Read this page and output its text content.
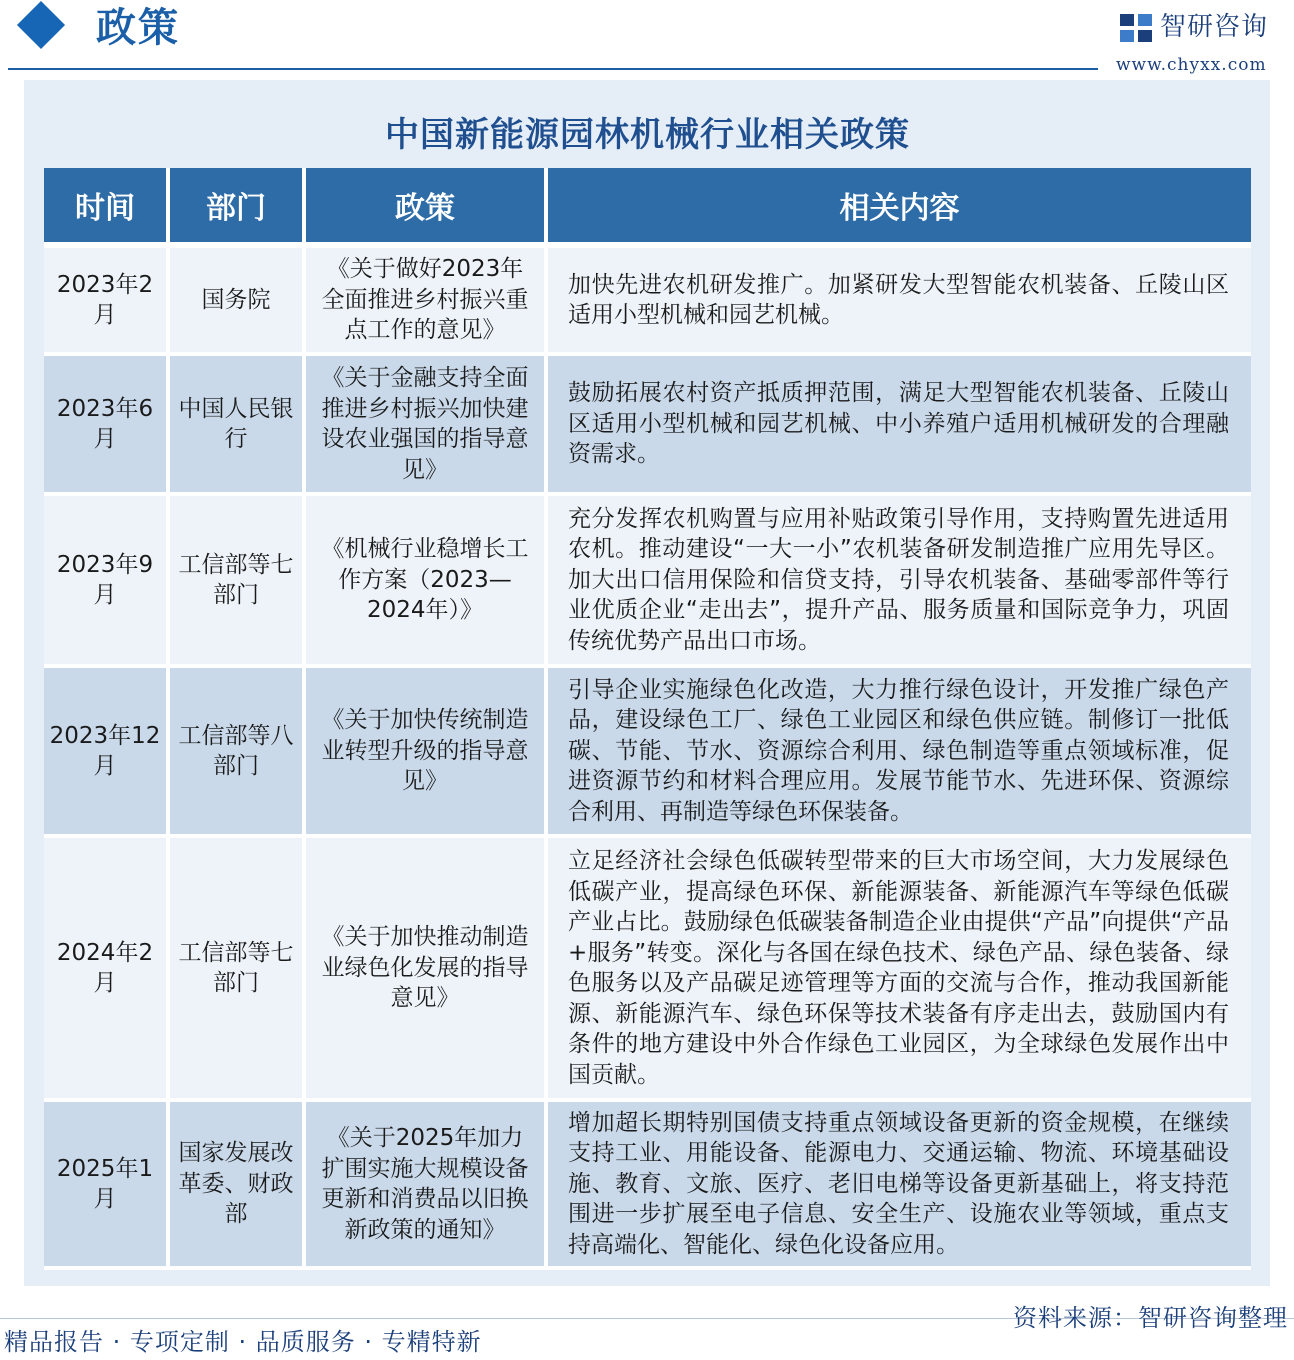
政策	智研咨询
www.chyxx.com
中国新能源园林机械行业相关政策
时间	部门	政策	相关内容
2023年2月	国务院	《关于做好2023年全面推进乡村振兴重点工作的意见》	加快先进农机研发推广。加紧研发大型智能农机装备、丘陵山区适用小型机械和园艺机械。
2023年6月	中国人民银行	《关于金融支持全面推进乡村振兴加快建设农业强国的指导意见》	鼓励拓展农村资产抵质押范围，满足大型智能农机装备、丘陵山区适用小型机械和园艺机械、中小养殖户适用机械研发的合理融资需求。
2023年9月	工信部等七部门	《机械行业稳增长工作方案（2023—2024年）》	充分发挥农机购置与应用补贴政策引导作用，支持购置先进适用农机。推动建设“一大一小”农机装备研发制造推广应用先导区。加大出口信用保险和信贷支持，引导农机装备、基础零部件等行业优质企业“走出去”，提升产品、服务质量和国际竞争力，巩固传统优势产品出口市场。
2023年12月	工信部等八部门	《关于加快传统制造业转型升级的指导意见》	引导企业实施绿色化改造，大力推行绿色设计，开发推广绿色产品，建设绿色工厂、绿色工业园区和绿色供应链。制修订一批低碳、节能、节水、资源综合利用、绿色制造等重点领域标准，促进资源节约和材料合理应用。发展节能节水、先进环保、资源综合利用、再制造等绿色环保装备。
2024年2月	工信部等七部门	《关于加快推动制造业绿色化发展的指导意见》	立足经济社会绿色低碳转型带来的巨大市场空间，大力发展绿色低碳产业，提高绿色环保、新能源装备、新能源汽车等绿色低碳产业占比。鼓励绿色低碳装备制造企业由提供“产品”向提供“产品+服务”转变。深化与各国在绿色技术、绿色产品、绿色装备、绿色服务以及产品碳足迹管理等方面的交流与合作，推动我国新能源、新能源汽车、绿色环保等技术装备有序走出去，鼓励国内有条件的地方建设中外合作绿色工业园区，为全球绿色发展作出中国贡献。
2025年1月	国家发展改革委、财政部	《关于2025年加力扩围实施大规模设备更新和消费品以旧换新政策的通知》	增加超长期特别国债支持重点领域设备更新的资金规模，在继续支持工业、用能设备、能源电力、交通运输、物流、环境基础设施、教育、文旅、医疗、老旧电梯等设备更新基础上，将支持范围进一步扩展至电子信息、安全生产、设施农业等领域，重点支持高端化、智能化、绿色化设备应用。
精品报告 · 专项定制 · 品质服务 · 专精特新
资料来源：智研咨询整理
